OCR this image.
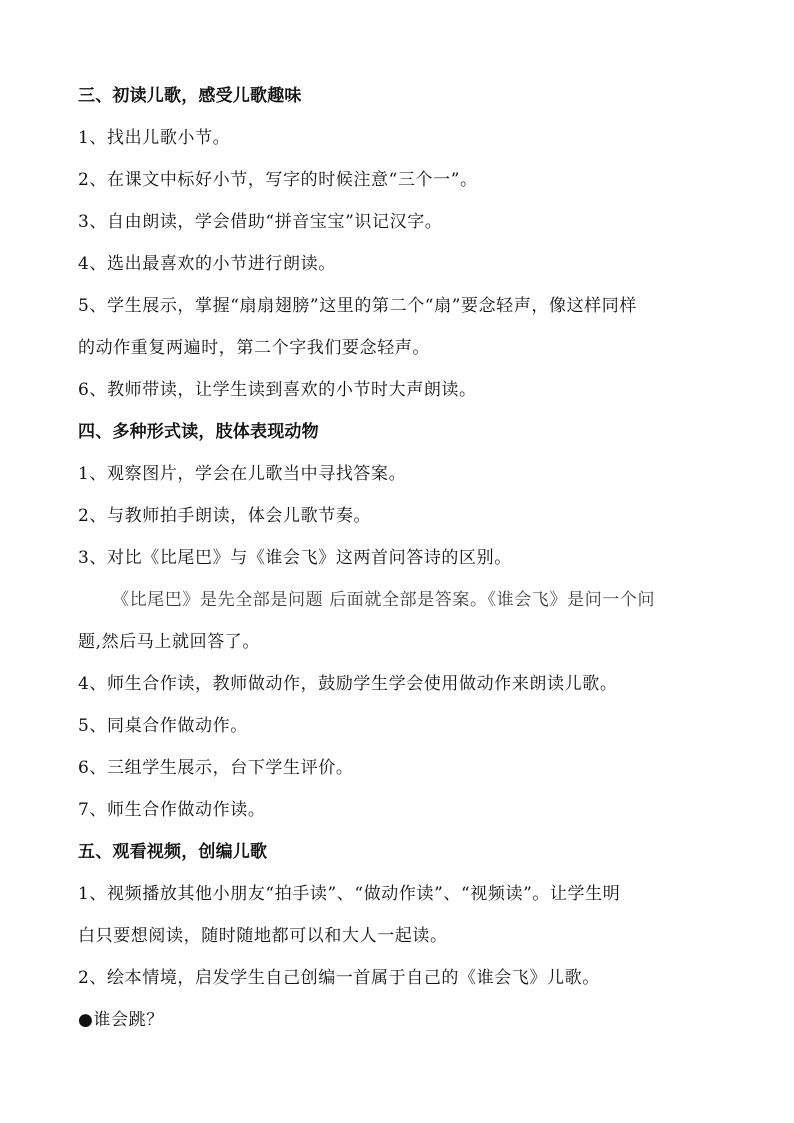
三、初读儿歌，感受儿歌趣味
1、找出儿歌小节。
2、在课文中标好小节，写字的时候注意“三个一”。
3、自由朗读，学会借助“拼音宝宝”识记汉字。
4、选出最喜欢的小节进行朗读。
5、学生展示，掌握“扇扇翅膀”这里的第二个“扇”要念轻声，像这样同样
的动作重复两遍时，第二个字我们要念轻声。
6、教师带读，让学生读到喜欢的小节时大声朗读。
四、多种形式读，肢体表现动物
1、观察图片，学会在儿歌当中寻找答案。
2、与教师拍手朗读，体会儿歌节奏。
3、对比《比尾巴》与《谁会飞》这两首问答诗的区别。
《比尾巴》是先全部是问题 后面就全部是答案。《谁会飞》是问一个问
题,然后马上就回答了。
4、师生合作读，教师做动作，鼓励学生学会使用做动作来朗读儿歌。
5、同桌合作做动作。
6、三组学生展示，台下学生评价。
7、师生合作做动作读。
五、观看视频，创编儿歌
1、视频播放其他小朋友“拍手读”、“做动作读”、“视频读”。让学生明
白只要想阅读，随时随地都可以和大人一起读。
2、绘本情境，启发学生自己创编一首属于自己的《谁会飞》儿歌。
●谁会跳？
